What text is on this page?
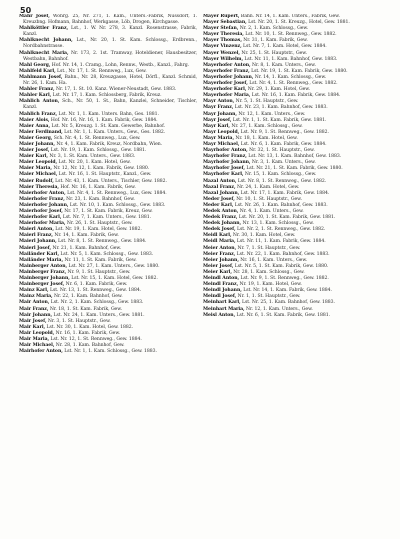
50
Mahr Josef, Wohrg. 25, Nr. 271, 1. Kam., Unters.-Fabrik, Nussdorf, 1. Kreuzbng. Hofmann, Bahnhof, Werkgasse, Löb, Drogen, Kirchgasse.
Mahlköttler Franz, Lst., 1. W. Nr. 278, 3. Kanzl. Rosenstrasse, Fabrik, Kanzl.
Mahlknecht Johann, Lst., Nr. 20, 1. St. Kam. Schlossg., Erdbrenn., Nordbahnstrasse.
Mahlknecht Maria, Nr. 173, 2. 1st. Tramway, Hoteldiener, Hausbesitzer, Westbahn, Bahnhof.
Mahl Georg, Hof. Nr. 14, 1. Cramg., Lohn, Rennw., Westb., Kanzl., Fahrg.
Mahlfeld Karl, Lst., Nr. 17, 1. St. Rennweg., Lux, Gew.
Mahlmann Josef, Bahn., Nr. 28, Kreuzgasse, Hotel, Dörfl., Kanzl. Schmid, Nr. 26, 1. Kam. Ha.
Mahler Franz, Nr. 17, 1. St. 10. Kanz. Wiener-Neustadt, Gew. 1883.
Mahler Karl, Lst. Nr. 17, 1. Kam. Schlossberg, Fabrik, Kreuz.
Mahlich Anton, Sch., Nr. 50, 1. St., Bahn, Kanzlei, Schneider, Tischler, Kanzl.
Mahlich Franz, Lst. Nr. 1, 1. Kam. Unters. Bahn, Ges. 1881.
Maier Alois, Hof. Nr. 16, Nr. 16, 1. Kam. Fabrik, Gew. 1884.
Maier Anna, Lst. Nr. 5, Kreuzg. 1. St. Kam. Gewerbe, Bahnhof.
Maier Ferdinand, Lst. Nr. 1, 1. Kam. Unters., Gew., Ges. 1882.
Maier Georg, Sch. Nr. 4, 1. St. Rennweg., Lux, Gew.
Maier Johann, Nr. 4, 1. Kam. Fabrik, Kreuz, Nordbahn, Wien.
Maier Josef, Lst. Nr. 19, 1. Kam. Schlossg., Gew. 1881.
Maier Karl, Nr. 3, 1. St. Kam. Unters., Gew. 1883.
Maier Leopold, Lst. Nr. 20, 1. Kam. Hotel, Gew.
Maier Maria, Nr. 12, Nr. 12, 1. Kam. Fabrik, Gew. 1880.
Maier Michael, Lst. Nr. 16, 1. St. Hauptstr., Kanzl., Gew.
Maier Rudolf, Lst. Nr. 43, 1. Kam. Unters., Tischler, Gew. 1882.
Maier Theresia, Hof. Nr. 16, 1. Kam. Fabrik, Gew.
Maierhofer Anton, Lst. Nr. 4, 1. St. Rennweg., Lux, Gew. 1884.
Maierhofer Franz, Nr. 23, 1. Kam. Bahnhof, Gew.
Maierhofer Johann, Lst. Nr. 10, 1. Kam. Schlossg., Gew. 1883.
Maierhofer Josef, Nr. 17, 1. St. Kam. Fabrik, Kreuz, Gew.
Maierhofer Karl, Lst. Nr. 7, 1. Kam. Unters., Gew. 1881.
Maierhofer Maria, Nr. 26, 1. St. Hauptstr., Gew.
Maierl Anton, Lst. Nr. 19, 1. Kam. Hotel, Gew. 1882.
Maierl Franz, Nr. 14, 1. Kam. Fabrik, Gew.
Maierl Johann, Lst. Nr. 8, 1. St. Rennweg., Gew. 1884.
Maierl Josef, Nr. 21, 1. Kam. Bahnhof, Gew.
Mailänder Karl, Lst. Nr. 5, 1. Kam. Schlossg., Gew. 1883.
Mailänder Maria, Nr. 11, 1. St. Kam. Fabrik, Gew.
Mainberger Anton, Lst. Nr. 27, 1. Kam. Unters., Gew. 1880.
Mainberger Franz, Nr. 9, 1. St. Hauptstr., Gew.
Mainberger Johann, Lst. Nr. 15, 1. Kam. Hotel, Gew. 1882.
Mainberger Josef, Nr. 6, 1. Kam. Fabrik, Gew.
Mainz Karl, Lst. Nr. 13, 1. St. Rennweg., Gew. 1884.
Mainz Maria, Nr. 22, 1. Kam. Bahnhof, Gew.
Mair Anton, Lst. Nr. 2, 1. Kam. Schlossg., Gew. 1883.
Mair Franz, Nr. 18, 1. St. Kam. Fabrik, Gew.
Mair Johann, Lst. Nr. 24, 1. Kam. Unters., Gew. 1881.
Mair Josef, Nr. 3, 1. St. Hauptstr., Gew.
Mair Karl, Lst. Nr. 30, 1. Kam. Hotel, Gew. 1882.
Mair Leopold, Nr. 16, 1. Kam. Fabrik, Gew.
Mair Maria, Lst. Nr. 12, 1. St. Rennweg., Gew. 1884.
Mair Michael, Nr. 28, 1. Kam. Bahnhof, Gew.
Mairhofer Anton, Lst. Nr. 1, 1. Kam. Schlossg., Gew. 1883.
Mayer Rupert, Bahn. Nr. 14, 1. Kam. Unters., Fabrik, Gew.
Mayer Sebastian, Lst. Nr. 20, 1. St. Kreuzg., Hotel, Gew. 1881.
Mayer Stefan, Nr. 2, 1. Kam. Schlossg., Gew.
Mayer Theresia, Lst. Nr. 10, 1. St. Rennweg., Gew. 1882.
Mayer Thomas, Nr. 31, 1. Kam. Fabrik, Gew.
Mayer Vinzenz, Lst. Nr. 7, 1. Kam. Hotel, Gew. 1884.
Mayer Wenzel, Nr. 25, 1. St. Hauptstr., Gew.
Mayer Wilhelm, Lst. Nr. 11, 1. Kam. Bahnhof, Gew. 1883.
Mayerhofer Anton, Nr. 8, 1. Kam. Unters., Gew.
Mayerhofer Franz, Lst. Nr. 19, 1. St. Kam. Fabrik, Gew. 1880.
Mayerhofer Johann, Nr. 14, 1. Kam. Schlossg., Gew.
Mayerhofer Josef, Lst. Nr. 4, 1. St. Rennweg., Gew. 1882.
Mayerhofer Karl, Nr. 29, 1. Kam. Hotel, Gew.
Mayerhofer Maria, Lst. Nr. 16, 1. Kam. Fabrik, Gew. 1884.
Mayr Anton, Nr. 5, 1. St. Hauptstr., Gew.
Mayr Franz, Lst. Nr. 23, 1. Kam. Bahnhof, Gew. 1883.
Mayr Johann, Nr. 12, 1. Kam. Unters., Gew.
Mayr Josef, Lst. Nr. 1, 1. St. Kam. Fabrik, Gew. 1881.
Mayr Karl, Nr. 27, 1. Kam. Schlossg., Gew.
Mayr Leopold, Lst. Nr. 9, 1. St. Rennweg., Gew. 1882.
Mayr Maria, Nr. 18, 1. Kam. Hotel, Gew.
Mayr Michael, Lst. Nr. 6, 1. Kam. Fabrik, Gew. 1884.
Mayrhofer Anton, Nr. 32, 1. St. Hauptstr., Gew.
Mayrhofer Franz, Lst. Nr. 13, 1. Kam. Bahnhof, Gew. 1883.
Mayrhofer Johann, Nr. 3, 1. Kam. Unters., Gew.
Mayrhofer Josef, Lst. Nr. 21, 1. St. Kam. Fabrik, Gew. 1880.
Mayrhofer Karl, Nr. 15, 1. Kam. Schlossg., Gew.
Mazal Anton, Lst. Nr. 8, 1. St. Rennweg., Gew. 1882.
Mazal Franz, Nr. 24, 1. Kam. Hotel, Gew.
Mazal Johann, Lst. Nr. 17, 1. Kam. Fabrik, Gew. 1884.
Meder Josef, Nr. 10, 1. St. Hauptstr., Gew.
Meder Karl, Lst. Nr. 26, 1. Kam. Bahnhof, Gew. 1883.
Medek Anton, Nr. 4, 1. Kam. Unters., Gew.
Medek Franz, Lst. Nr. 20, 1. St. Kam. Fabrik, Gew. 1881.
Medek Johann, Nr. 13, 1. Kam. Schlossg., Gew.
Medek Josef, Lst. Nr. 2, 1. St. Rennweg., Gew. 1882.
Meidl Karl, Nr. 30, 1. Kam. Hotel, Gew.
Meidl Maria, Lst. Nr. 11, 1. Kam. Fabrik, Gew. 1884.
Meier Anton, Nr. 7, 1. St. Hauptstr., Gew.
Meier Franz, Lst. Nr. 22, 1. Kam. Bahnhof, Gew. 1883.
Meier Johann, Nr. 16, 1. Kam. Unters., Gew.
Meier Josef, Lst. Nr. 5, 1. St. Kam. Fabrik, Gew. 1880.
Meier Karl, Nr. 28, 1. Kam. Schlossg., Gew.
Meindl Anton, Lst. Nr. 9, 1. St. Rennweg., Gew. 1882.
Meindl Franz, Nr. 19, 1. Kam. Hotel, Gew.
Meindl Johann, Lst. Nr. 14, 1. Kam. Fabrik, Gew. 1884.
Meindl Josef, Nr. 1, 1. St. Hauptstr., Gew.
Meinhart Karl, Lst. Nr. 25, 1. Kam. Bahnhof, Gew. 1883.
Meinhart Maria, Nr. 12, 1. Kam. Unters., Gew.
Meisl Anton, Lst. Nr. 6, 1. St. Kam. Fabrik, Gew. 1881.
